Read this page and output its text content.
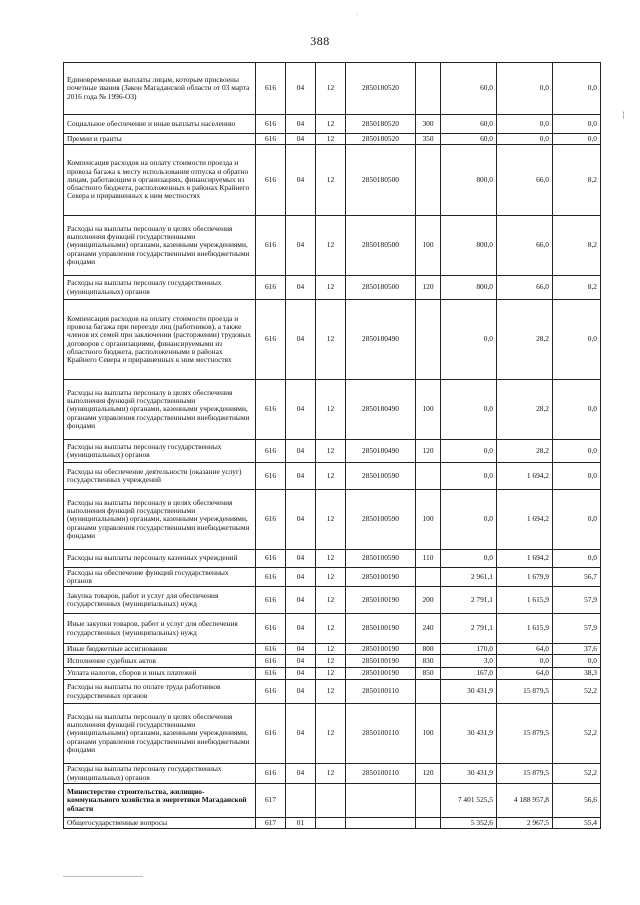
388
·
¦
Единовременные выплаты лицам, которым присвоены почетные звания (Закон Магаданской области от 03 марта 2016 года № 1996-ОЗ)	616	04	12	2850180520		60,0	0,0	0,0
Социальное обеспечение и иные выплаты населению	616	04	12	2850180520	300	60,0	0,0	0,0
Премии и гранты	616	04	12	2850180520	350	60,0	0,0	0,0
Компенсация расходов на оплату стоимости проезда и провоза багажа к месту использования отпуска и обратно лицам, работающим в организациях, финансируемых из областного бюджета, расположенных в районах Крайнего Севера и приравненных к ним местностях	616	04	12	2850180500		800,0	66,0	8,2
Расходы на выплаты персоналу в целях обеспечения выполнения функций государственными (муниципальными) органами, казенными учреждениями, органами управления государственными внебюджетными фондами	616	04	12	2850180500	100	800,0	66,0	8,2
Расходы на выплаты персоналу государственных (муниципальных) органов	616	04	12	2850180500	120	800,0	66,0	8,2
Компенсация расходов на оплату стоимости проезда и провоза багажа при переезде лиц (работников), а также членов их семей при заключении (расторжении) трудовых договоров с организациями, финансируемыми из областного бюджета, расположенными в районах Крайнего Севера и приравненных к ним местностях	616	04	12	2850180490		0,0	28,2	0,0
Расходы на выплаты персоналу в целях обеспечения выполнения функций государственными (муниципальными) органами, казенными учреждениями, органами управления государственными внебюджетными фондами	616	04	12	2850180490	100	0,0	28,2	0,0
Расходы на выплаты персоналу государственных (муниципальных) органов	616	04	12	2850180490	120	0,0	28,2	0,0
Расходы на обеспечение деятельности (оказание услуг) государственных учреждений	616	04	12	2850100590		0,0	1 694,2	0,0
Расходы на выплаты персоналу в целях обеспечения выполнения функций государственными (муниципальными) органами, казенными учреждениями, органами управления государственными внебюджетными фондами	616	04	12	2850100590	100	0,0	1 694,2	0,0
Расходы на выплаты персоналу казенных учреждений	616	04	12	2850100590	110	0,0	1 694,2	0,0
Расходы на обеспечение функций государственных органов	616	04	12	2850100190		2 961,1	1 679,9	56,7
Закупка товаров, работ и услуг для обеспечения государственных (муниципальных) нужд	616	04	12	2850100190	200	2 791,1	1 615,9	57,9
Иные закупки товаров, работ и услуг для обеспечения государственных (муниципальных) нужд	616	04	12	2850100190	240	2 791,1	1 615,9	57,9
Иные бюджетные ассигнования	616	04	12	2850100190	800	170,0	64,0	37,6
Исполнение судебных актов	616	04	12	2850100190	830	3,0	0,0	0,0
Уплата налогов, сборов и иных платежей	616	04	12	2850100190	850	167,0	64,0	38,3
Расходы на выплаты по оплате труда работников государственных органов	616	04	12	2850100110		30 431,9	15 879,5	52,2
Расходы на выплаты персоналу в целях обеспечения выполнения функций государственными (муниципальными) органами, казенными учреждениями, органами управления государственными внебюджетными фондами	616	04	12	2850100110	100	30 431,9	15 879,5	52,2
Расходы на выплаты персоналу государственных (муниципальных) органов	616	04	12	2850100110	120	30 431,9	15 879,5	52,2
Министерство строительства, жилищно-коммунального хозяйства и энергетики Магаданской области	617					7 401 525,5	4 188 957,8	56,6
Общегосударственные вопросы	617	01				5 352,6	2 967,5	55,4
